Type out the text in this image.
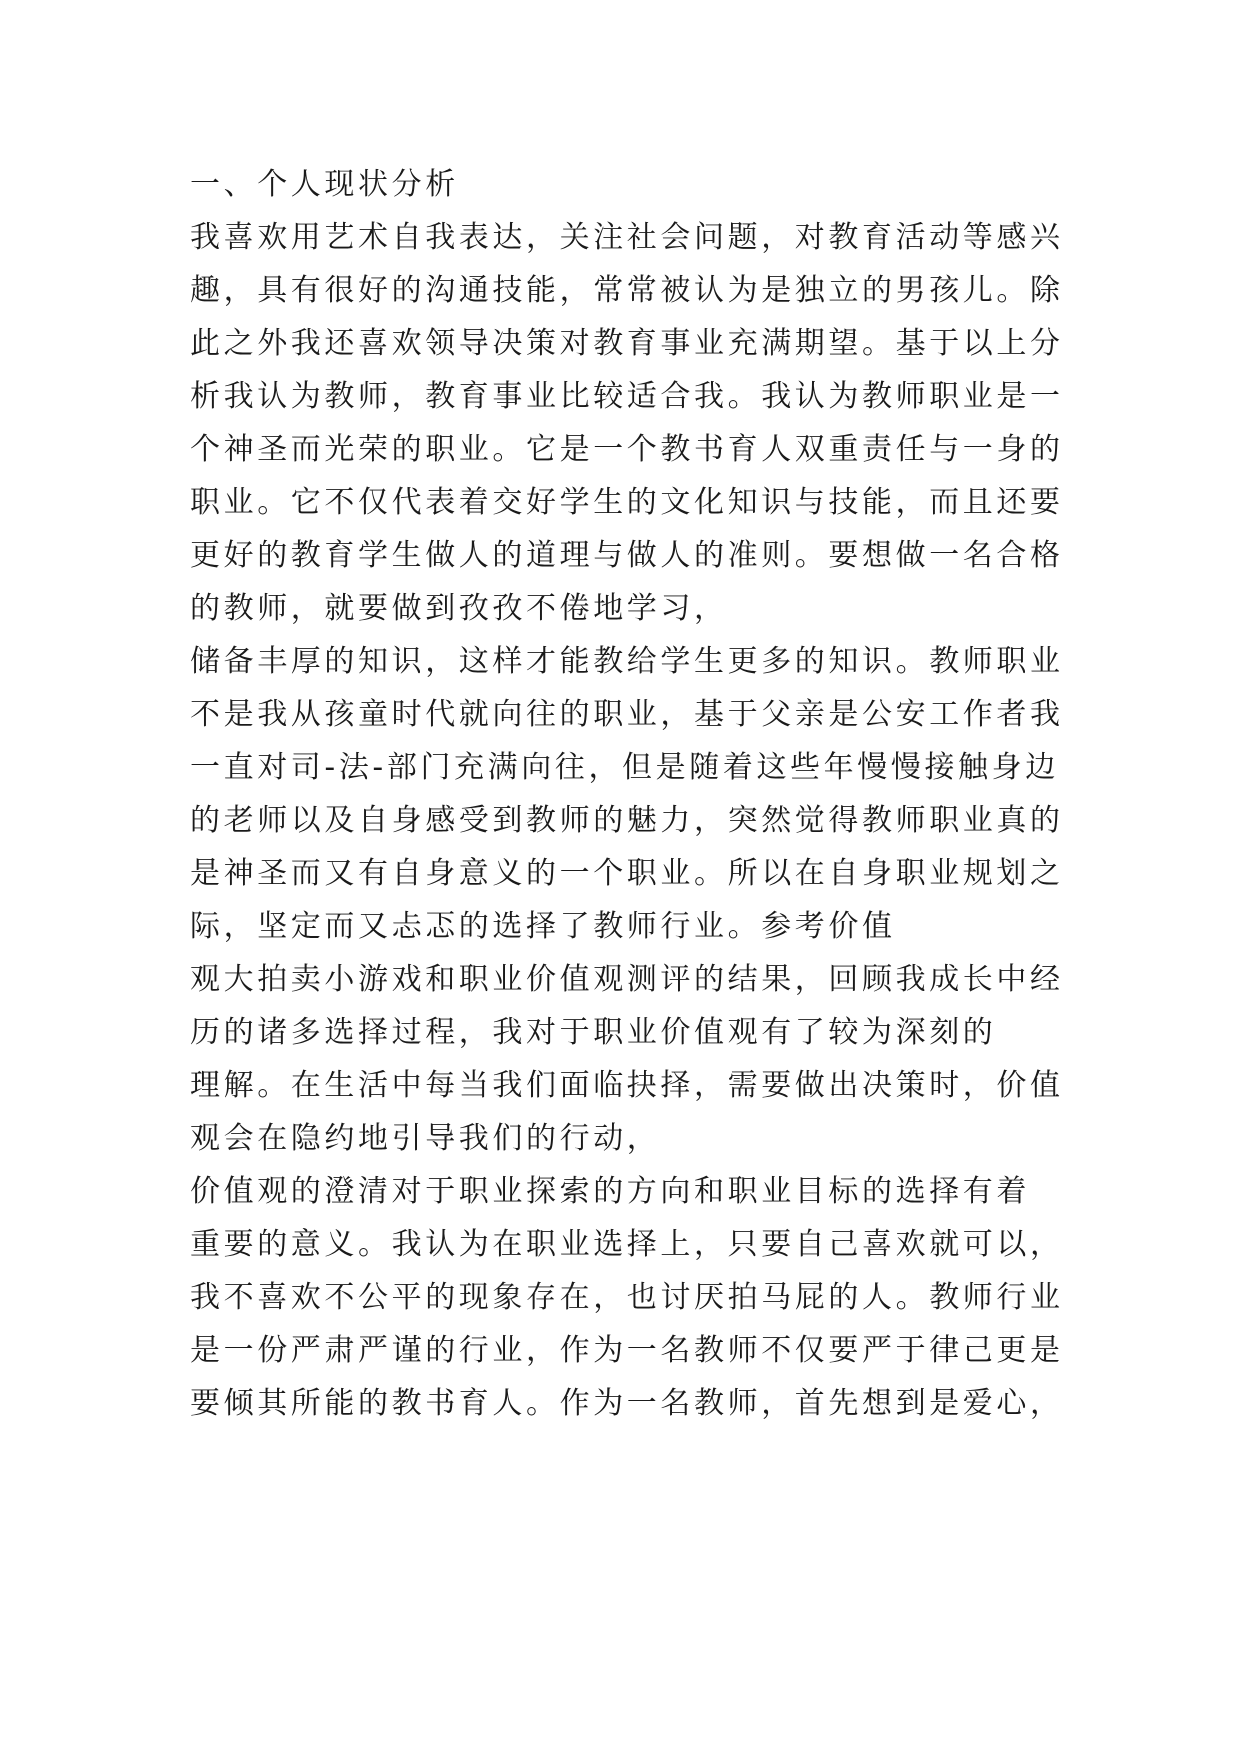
一、个人现状分析
我喜欢用艺术自我表达，关注社会问题，对教育活动等感兴
趣，具有很好的沟通技能，常常被认为是独立的男孩儿。除
此之外我还喜欢领导决策对教育事业充满期望。基于以上分
析我认为教师，教育事业比较适合我。我认为教师职业是一
个神圣而光荣的职业。它是一个教书育人双重责任与一身的
职业。它不仅代表着交好学生的文化知识与技能，而且还要
更好的教育学生做人的道理与做人的准则。要想做一名合格
的教师，就要做到孜孜不倦地学习，
储备丰厚的知识，这样才能教给学生更多的知识。教师职业
不是我从孩童时代就向往的职业，基于父亲是公安工作者我
一直对司-法-部门充满向往，但是随着这些年慢慢接触身边
的老师以及自身感受到教师的魅力，突然觉得教师职业真的
是神圣而又有自身意义的一个职业。所以在自身职业规划之
际，坚定而又忐忑的选择了教师行业。参考价值
观大拍卖小游戏和职业价值观测评的结果，回顾我成长中经
历的诸多选择过程，我对于职业价值观有了较为深刻的
理解。在生活中每当我们面临抉择，需要做出决策时，价值
观会在隐约地引导我们的行动，
价值观的澄清对于职业探索的方向和职业目标的选择有着
重要的意义。我认为在职业选择上，只要自己喜欢就可以，
我不喜欢不公平的现象存在，也讨厌拍马屁的人。教师行业
是一份严肃严谨的行业，作为一名教师不仅要严于律己更是
要倾其所能的教书育人。作为一名教师，首先想到是爱心，
